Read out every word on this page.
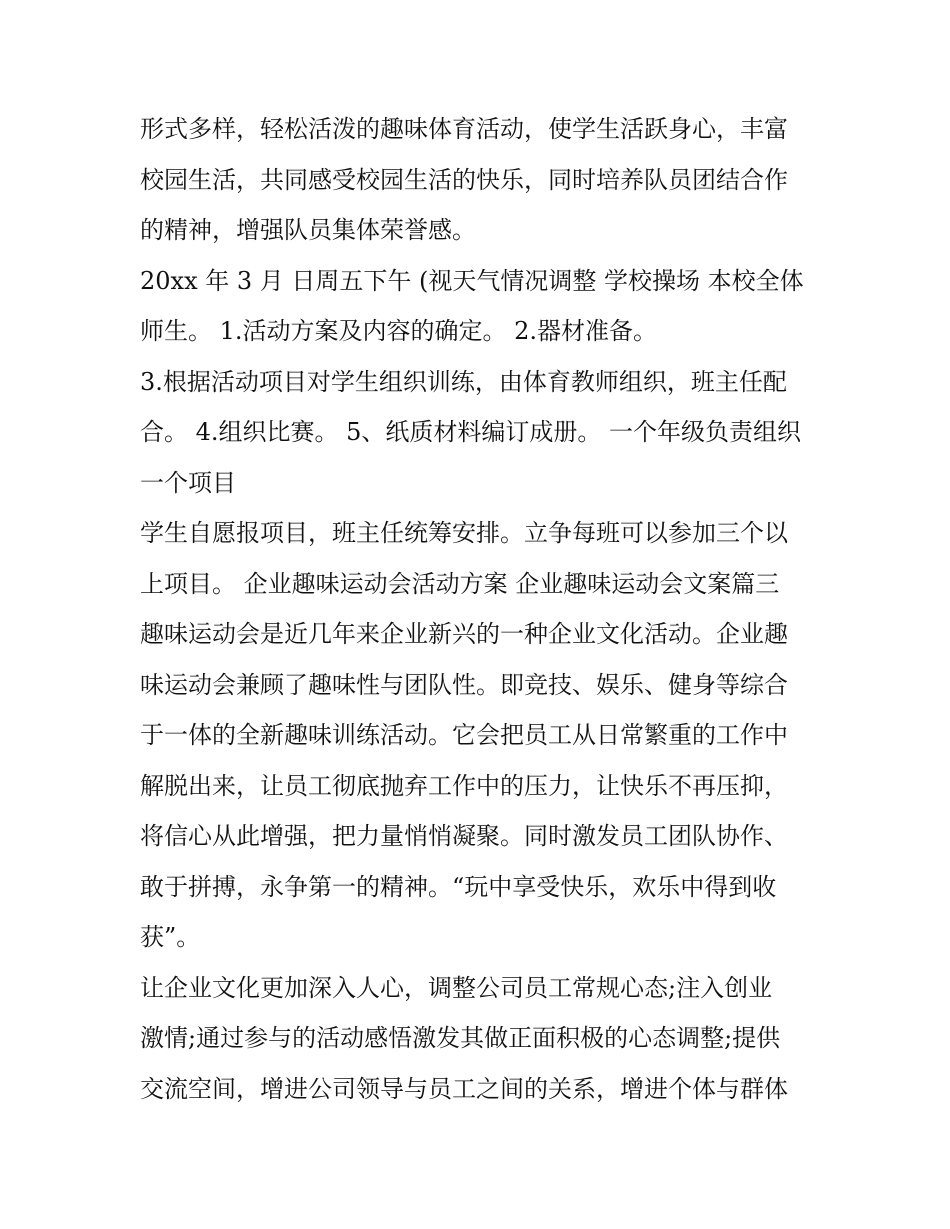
形式多样，轻松活泼的趣味体育活动，使学生活跃身心，丰富
校园生活，共同感受校园生活的快乐，同时培养队员团结合作
的精神，增强队员集体荣誉感。
20xx 年 3 月 日周五下午 (视天气情况调整 学校操场 本校全体
师生。 1.活动方案及内容的确定。 2.器材准备。
3.根据活动项目对学生组织训练，由体育教师组织，班主任配
合。 4.组织比赛。 5、纸质材料编订成册。 一个年级负责组织
一个项目
学生自愿报项目，班主任统筹安排。立争每班可以参加三个以
上项目。 企业趣味运动会活动方案 企业趣味运动会文案篇三
趣味运动会是近几年来企业新兴的一种企业文化活动。企业趣
味运动会兼顾了趣味性与团队性。即竞技、娱乐、健身等综合
于一体的全新趣味训练活动。它会把员工从日常繁重的工作中
解脱出来，让员工彻底抛弃工作中的压力，让快乐不再压抑，
将信心从此增强，把力量悄悄凝聚。同时激发员工团队协作、
敢于拼搏，永争第一的精神。“玩中享受快乐，欢乐中得到收
获”。
让企业文化更加深入人心，调整公司员工常规心态;注入创业
激情;通过参与的活动感悟激发其做正面积极的心态调整;提供
交流空间，增进公司领导与员工之间的关系，增进个体与群体
